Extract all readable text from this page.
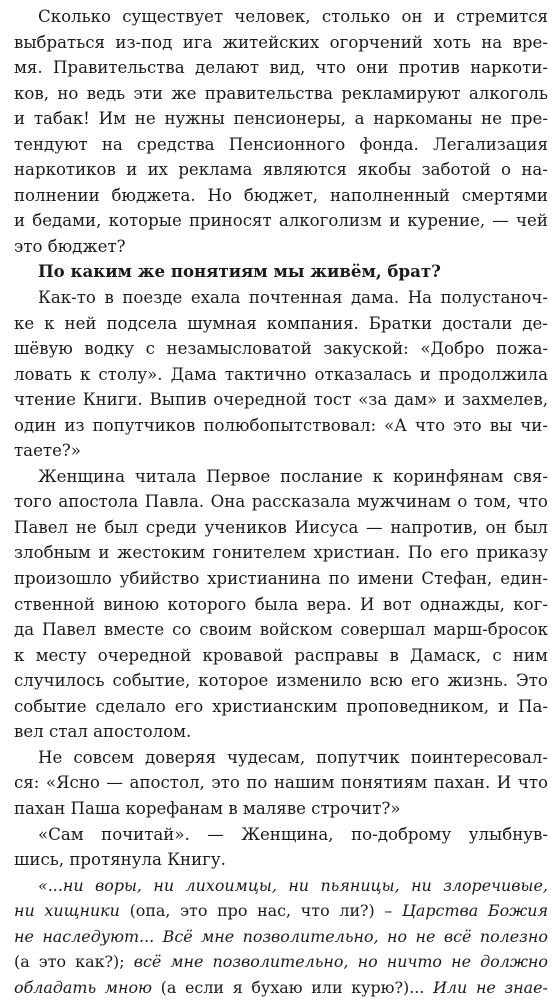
Сколько существует человек, столько он и стремится
выбраться из-под ига житейских огорчений хоть на вре-
мя. Правительства делают вид, что они против наркоти-
ков, но ведь эти же правительства рекламируют алкоголь
и табак! Им не нужны пенсионеры, а наркоманы не пре-
тендуют на средства Пенсионного фонда. Легализация
наркотиков и их реклама являются якобы заботой о на-
полнении бюджета. Но бюджет, наполненный смертями
и бедами, которые приносят алкоголизм и курение, — чей
это бюджет?
По каким же понятиям мы живём, брат?
Как-то в поезде ехала почтенная дама. На полустаноч-
ке к ней подсела шумная компания. Братки достали де-
шёвую водку с незамысловатой закуской: «Добро пожа-
ловать к столу». Дама тактично отказалась и продолжила
чтение Книги. Выпив очередной тост «за дам» и захмелев,
один из попутчиков полюбопытствовал: «А что это вы чи-
таете?»
Женщина читала Первое послание к коринфянам свя-
того апостола Павла. Она рассказала мужчинам о том, что
Павел не был среди учеников Иисуса — напротив, он был
злобным и жестоким гонителем христиан. По его приказу
произошло убийство христианина по имени Стефан, един-
ственной виною которого была вера. И вот однажды, ког-
да Павел вместе со своим войском совершал марш-бросок
к месту очередной кровавой расправы в Дамаск, с ним
случилось событие, которое изменило всю его жизнь. Это
событие сделало его христианским проповедником, и Па-
вел стал апостолом.
Не совсем доверяя чудесам, попутчик поинтересовал-
ся: «Ясно — апостол, это по нашим понятиям пахан. И что
пахан Паша корефанам в маляве строчит?»
«Сам почитай». — Женщина, по-доброму улыбнув-
шись, протянула Книгу.
«...ни воры, ни лихоимцы, ни пьяницы, ни злоречивые,
ни хищники (опа, это про нас, что ли?) – Царства Божия
не наследуют... Всё мне позволительно, но не всё полезно
(а это как?); всё мне позволительно, но ничто не должно
обладать мною (а если я бухаю или курю?)... Или не знае-
